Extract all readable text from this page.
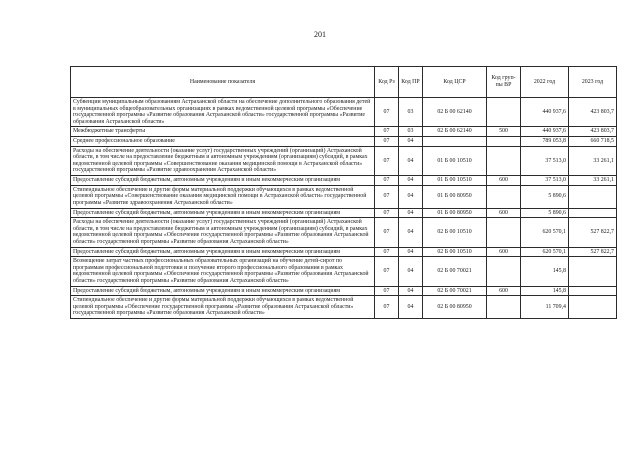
201
Наименование показателя	Код Рз	Код ПР	Код ЦСР	Код груп-пы ВР	2022 год	2023 год
Субвенции муниципальным образованиям Астраханской области на обеспечение дополнительного образования детей в муниципальных общеобразовательных организациях в рамках ведомственной целевой программы «Обеспечение государственной программы «Развитие образования Астраханской области» государственной программы «Развитие образования Астраханской области»	07	03	02 Б 00 62140		440 937,6	423 803,7
Межбюджетные трансферты	07	03	02 Б 00 62140	500	440 937,6	423 803,7
Среднее профессиональное образование	07	04			789 053,8	660 718,5
Расходы на обеспечение деятельности (оказание услуг) государственных учреждений (организаций) Астраханской области, в том числе на предоставление бюджетным и автономным учреждениям (организациям) субсидий, в рамках ведомственной целевой программы «Совершенствование оказания медицинской помощи в Астраханской области» государственной программы «Развитие здравоохранения Астраханской области»	07	04	01 Б 00 10510		37 513,0	33 261,1
Предоставление субсидий бюджетным, автономным учреждениям и иным некоммерческим организациям	07	04	01 Б 00 10510	600	37 513,0	33 261,1
Стипендиальное обеспечение и другие формы материальной поддержки обучающихся в рамках ведомственной целевой программы «Совершенствование оказания медицинской помощи в Астраханской области» государственной программы «Развитие здравоохранения Астраханской области»	07	04	01 Б 00 80950		5 890,6	
Предоставление субсидий бюджетным, автономным учреждениям и иным некоммерческим организациям	07	04	01 Б 00 80950	600	5 890,6	
Расходы на обеспечение деятельности (оказание услуг) государственных учреждений (организаций) Астраханской области, в том числе на предоставление бюджетным и автономным учреждениям (организациям) субсидий, в рамках ведомственной целевой программы «Обеспечение государственной программы «Развитие образования Астраханской области» государственной программы «Развитие образования Астраханской области»	07	04	02 Б 00 10510		620 570,1	527 822,7
Предоставление субсидий бюджетным, автономным учреждениям и иным некоммерческим организациям	07	04	02 Б 00 10510	600	620 570,1	527 822,7
Возмещение затрат частных профессиональных образовательных организаций на обучение детей-сирот по программам профессиональной подготовки и получение второго профессионального образования в рамках ведомственной целевой программы «Обеспечение государственной программы «Развитие образования Астраханской области» государственной программы «Развитие образования Астраханской области»	07	04	02 Б 00 70021		145,8	
Предоставление субсидий бюджетным, автономным учреждениям и иным некоммерческим организациям	07	04	02 Б 00 70021	600	145,8	
Стипендиальное обеспечение и другие формы материальной поддержки обучающихся в рамках ведомственной целевой программы «Обеспечение государственной программы «Развитие образования Астраханской области» государственной программы «Развитие образования Астраханской области»	07	04	02 Б 00 80950		11 709,4	
